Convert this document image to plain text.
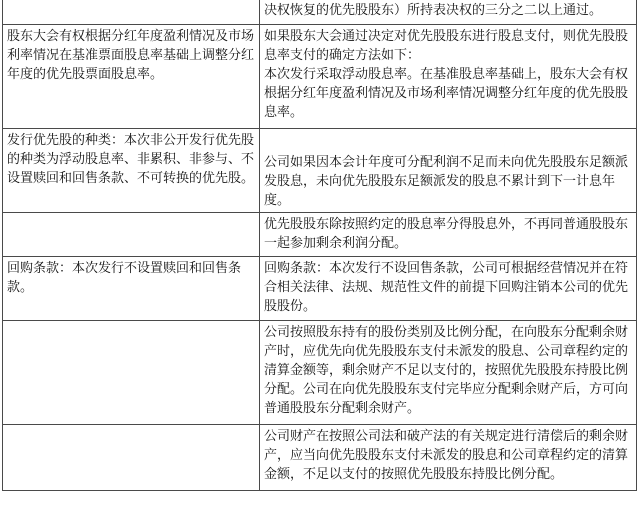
	决权恢复的优先股股东）所持表决权的三分之二以上通过。
股东大会有权根据分红年度盈利情况及市场利率情况在基准票面股息率基础上调整分红年度的优先股票面股息率。	如果股东大会通过决定对优先股股东进行股息支付，则优先股股息率支付的确定方法如下：
本次发行采取浮动股息率。在基准股息率基础上，股东大会有权根据分红年度盈利情况及市场利率情况调整分红年度的优先股股息率。
发行优先股的种类：本次非公开发行优先股的种类为浮动股息率、非累积、非参与、不设置赎回和回售条款、不可转换的优先股。	公司如果因本会计年度可分配利润不足而未向优先股股东足额派发股息，未向优先股股东足额派发的股息不累计到下一计息年度。
	优先股股东除按照约定的股息率分得股息外，不再同普通股股东一起参加剩余利润分配。
回购条款：本次发行不设置赎回和回售条款。	回购条款：本次发行不设回售条款，公司可根据经营情况并在符合相关法律、法规、规范性文件的前提下回购注销本公司的优先股股份。
	公司按照股东持有的股份类别及比例分配，在向股东分配剩余财产时，应优先向优先股股东支付未派发的股息、公司章程约定的清算金额等，剩余财产不足以支付的，按照优先股股东持股比例分配。公司在向优先股股东支付完毕应分配剩余财产后，方可向普通股股东分配剩余财产。
	公司财产在按照公司法和破产法的有关规定进行清偿后的剩余财产，应当向优先股股东支付未派发的股息和公司章程约定的清算金额，不足以支付的按照优先股股东持股比例分配。
